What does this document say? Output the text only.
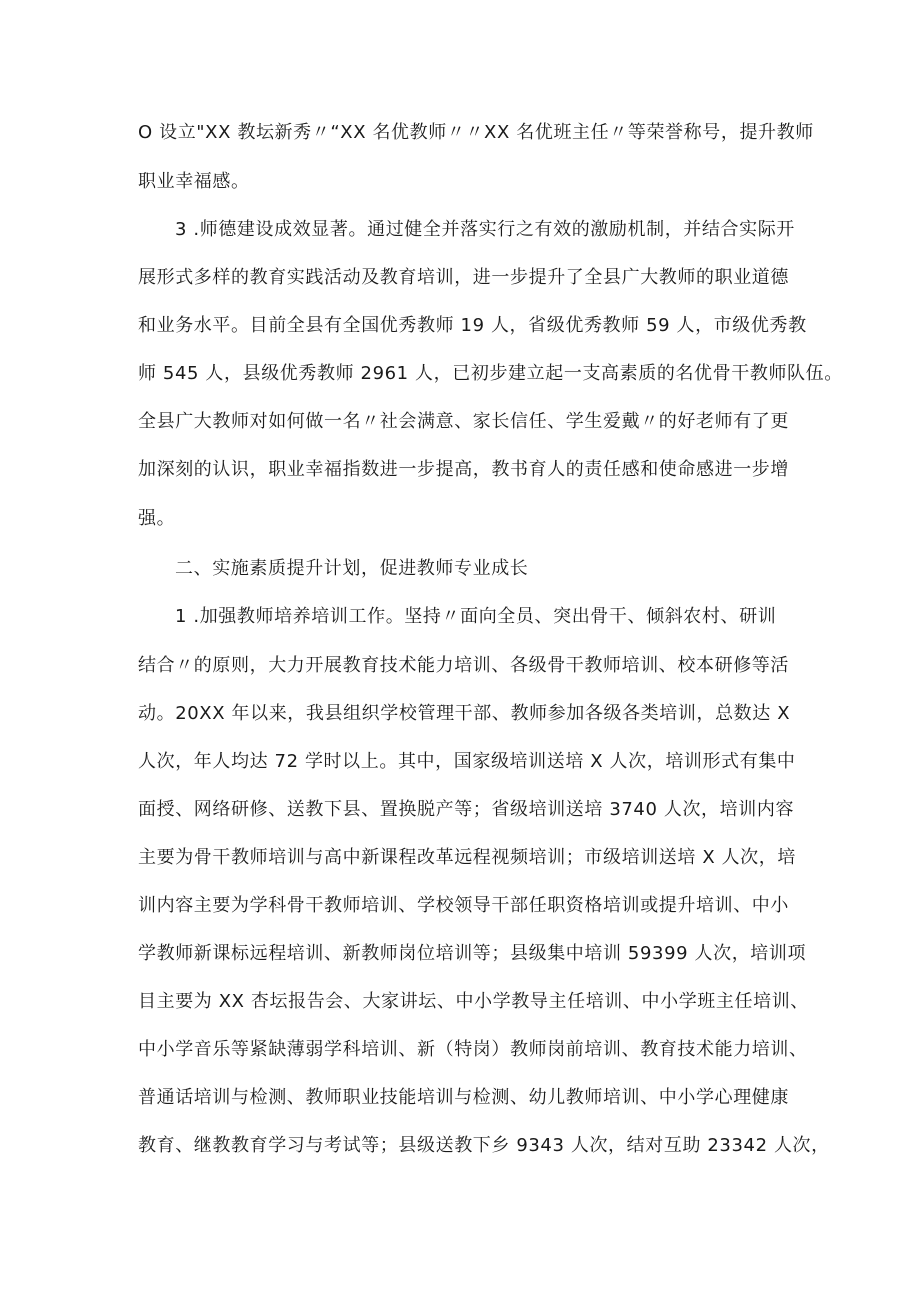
O 设立"XX 教坛新秀〃“XX 名优教师〃〃XX 名优班主任〃等荣誉称号，提升教师
职业幸福感。
3 .师德建设成效显著。通过健全并落实行之有效的激励机制，并结合实际开
展形式多样的教育实践活动及教育培训，进一步提升了全县广大教师的职业道德
和业务水平。目前全县有全国优秀教师 19 人，省级优秀教师 59 人，市级优秀教
师 545 人，县级优秀教师 2961 人，已初步建立起一支高素质的名优骨干教师队伍。
全县广大教师对如何做一名〃社会满意、家长信任、学生爱戴〃的好老师有了更
加深刻的认识，职业幸福指数进一步提高，教书育人的责任感和使命感进一步增
强。
二、实施素质提升计划，促进教师专业成长
1 .加强教师培养培训工作。坚持〃面向全员、突出骨干、倾斜农村、研训
结合〃的原则，大力开展教育技术能力培训、各级骨干教师培训、校本研修等活
动。20XX 年以来，我县组织学校管理干部、教师参加各级各类培训，总数达 X
人次，年人均达 72 学时以上。其中，国家级培训送培 X 人次，培训形式有集中
面授、网络研修、送教下县、置换脱产等；省级培训送培 3740 人次，培训内容
主要为骨干教师培训与高中新课程改革远程视频培训；市级培训送培 X 人次，培
训内容主要为学科骨干教师培训、学校领导干部任职资格培训或提升培训、中小
学教师新课标远程培训、新教师岗位培训等；县级集中培训 59399 人次，培训项
目主要为 XX 杏坛报告会、大家讲坛、中小学教导主任培训、中小学班主任培训、
中小学音乐等紧缺薄弱学科培训、新（特岗）教师岗前培训、教育技术能力培训、
普通话培训与检测、教师职业技能培训与检测、幼儿教师培训、中小学心理健康
教育、继教教育学习与考试等；县级送教下乡 9343 人次，结对互助 23342 人次，
